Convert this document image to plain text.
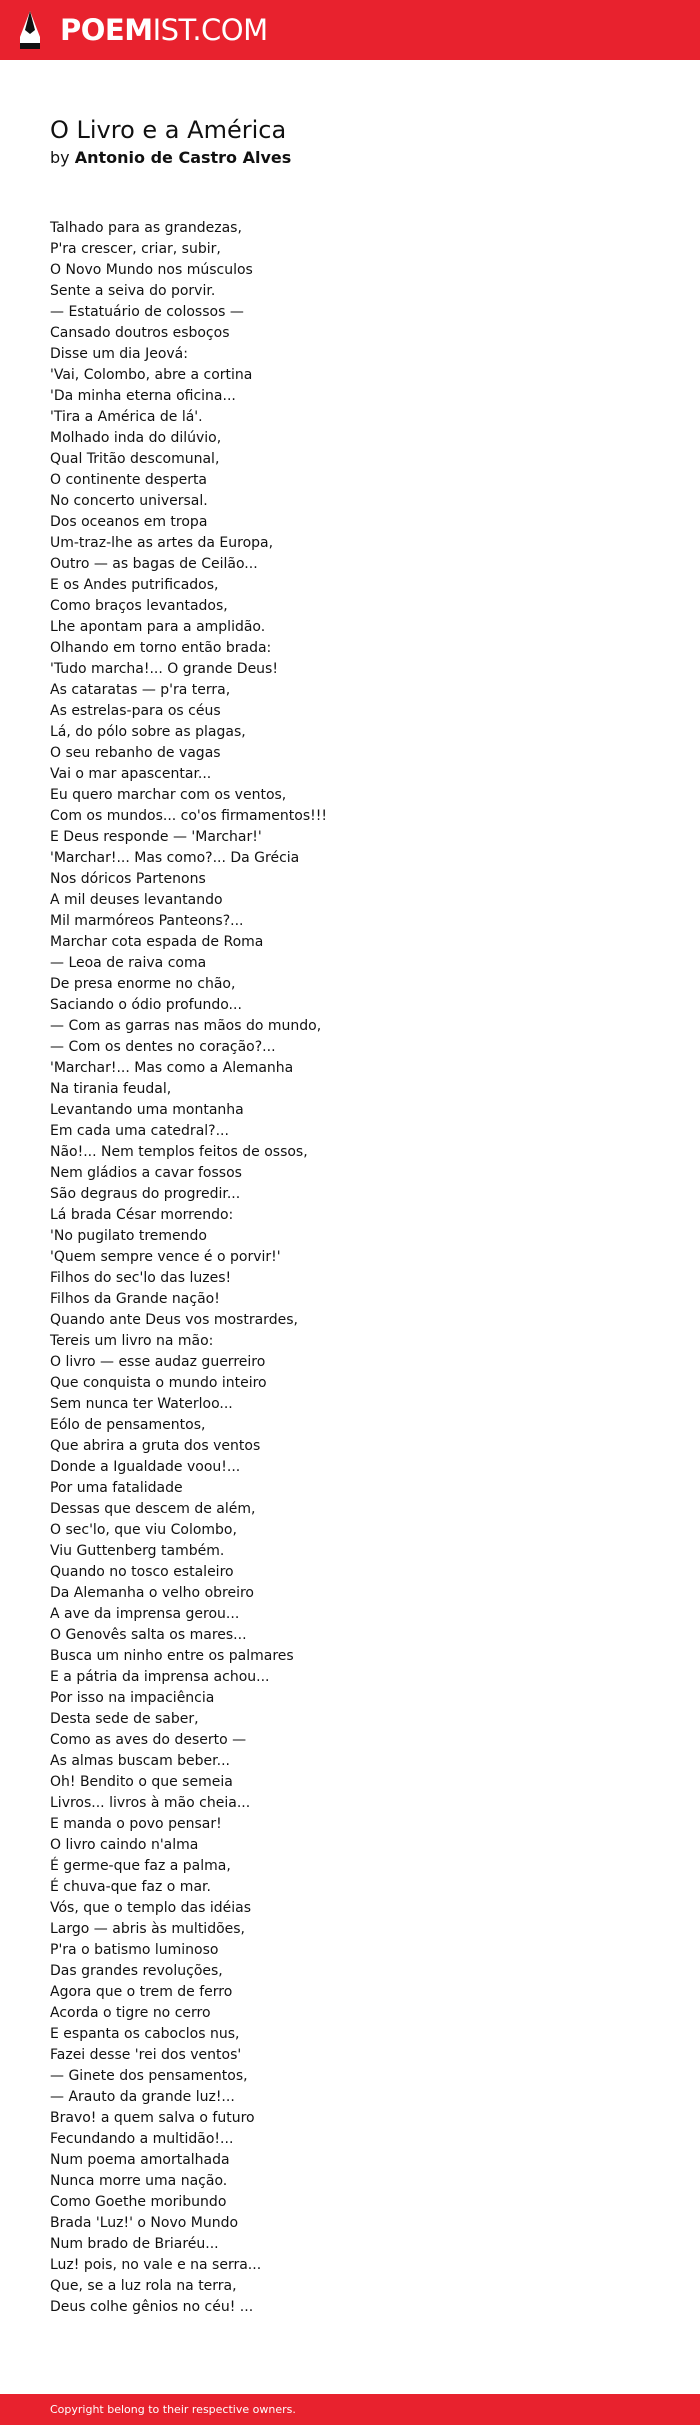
POEMIST.COM
O Livro e a América
by Antonio de Castro Alves
Talhado para as grandezas,
P'ra crescer, criar, subir,
O Novo Mundo nos músculos
Sente a seiva do porvir.
— Estatuário de colossos —
Cansado doutros esboços
Disse um dia Jeová:
'Vai, Colombo, abre a cortina
'Da minha eterna oficina...
'Tira a América de lá'.
Molhado inda do dilúvio,
Qual Tritão descomunal,
O continente desperta
No concerto universal.
Dos oceanos em tropa
Um-traz-lhe as artes da Europa,
Outro — as bagas de Ceilão...
E os Andes putrificados,
Como braços levantados,
Lhe apontam para a amplidão.
Olhando em torno então brada:
'Tudo marcha!... O grande Deus!
As cataratas — p'ra terra,
As estrelas-para os céus
Lá, do pólo sobre as plagas,
O seu rebanho de vagas
Vai o mar apascentar...
Eu quero marchar com os ventos,
Com os mundos... co'os firmamentos!!!
E Deus responde — 'Marchar!'
'Marchar!... Mas como?... Da Grécia
Nos dóricos Partenons
A mil deuses levantando
Mil marmóreos Panteons?...
Marchar cota espada de Roma
— Leoa de raiva coma
De presa enorme no chão,
Saciando o ódio profundo...
— Com as garras nas mãos do mundo,
— Com os dentes no coração?...
'Marchar!... Mas como a Alemanha
Na tirania feudal,
Levantando uma montanha
Em cada uma catedral?...
Não!... Nem templos feitos de ossos,
Nem gládios a cavar fossos
São degraus do progredir...
Lá brada César morrendo:
'No pugilato tremendo
'Quem sempre vence é o porvir!'
Filhos do sec'lo das luzes!
Filhos da Grande nação!
Quando ante Deus vos mostrardes,
Tereis um livro na mão:
O livro — esse audaz guerreiro
Que conquista o mundo inteiro
Sem nunca ter Waterloo...
Eólo de pensamentos,
Que abrira a gruta dos ventos
Donde a Igualdade voou!...
Por uma fatalidade
Dessas que descem de além,
O sec'lo, que viu Colombo,
Viu Guttenberg também.
Quando no tosco estaleiro
Da Alemanha o velho obreiro
A ave da imprensa gerou...
O Genovês salta os mares...
Busca um ninho entre os palmares
E a pátria da imprensa achou...
Por isso na impaciência
Desta sede de saber,
Como as aves do deserto —
As almas buscam beber...
Oh! Bendito o que semeia
Livros... livros à mão cheia...
E manda o povo pensar!
O livro caindo n'alma
É germe-que faz a palma,
É chuva-que faz o mar.
Vós, que o templo das idéias
Largo — abris às multidões,
P'ra o batismo luminoso
Das grandes revoluções,
Agora que o trem de ferro
Acorda o tigre no cerro
E espanta os caboclos nus,
Fazei desse 'rei dos ventos'
— Ginete dos pensamentos,
— Arauto da grande luz!...
Bravo! a quem salva o futuro
Fecundando a multidão!...
Num poema amortalhada
Nunca morre uma nação.
Como Goethe moribundo
Brada 'Luz!' o Novo Mundo
Num brado de Briaréu...
Luz! pois, no vale e na serra...
Que, se a luz rola na terra,
Deus colhe gênios no céu! ...
Copyright belong to their respective owners.
